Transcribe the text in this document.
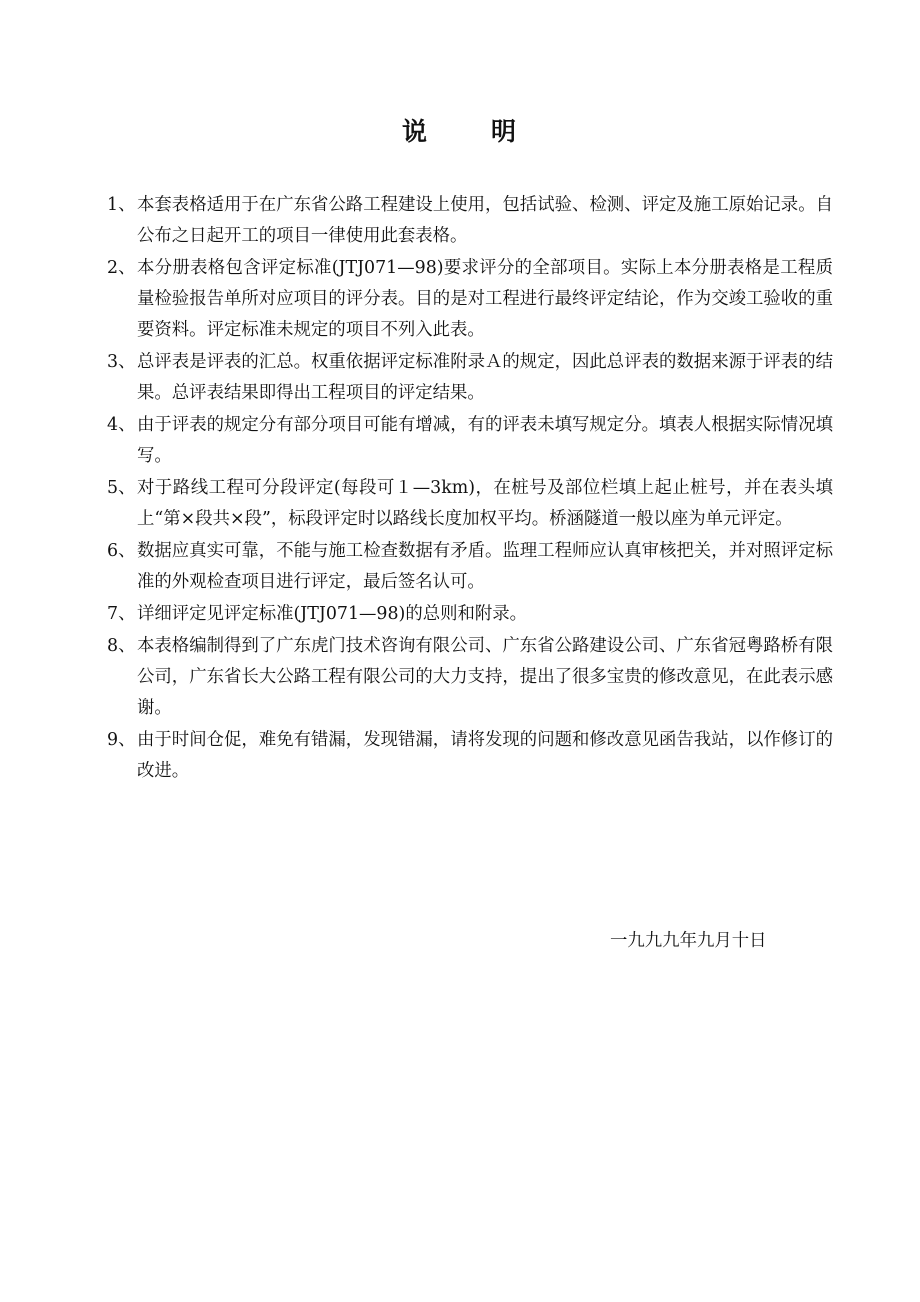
说 明
1、 本套表格适用于在广东省公路工程建设上使用，包括试验、检测、评定及施工原始记录。自公布之日起开工的项目一律使用此套表格。
2、 本分册表格包含评定标准(JTJ071—98)要求评分的全部项目。实际上本分册表格是工程质量检验报告单所对应项目的评分表。目的是对工程进行最终评定结论，作为交竣工验收的重要资料。评定标准未规定的项目不列入此表。
3、 总评表是评表的汇总。权重依据评定标准附录Ａ的规定，因此总评表的数据来源于评表的结果。总评表结果即得出工程项目的评定结果。
4、 由于评表的规定分有部分项目可能有增减，有的评表未填写规定分。填表人根据实际情况填写。
5、 对于路线工程可分段评定(每段可１—3km)，在桩号及部位栏填上起止桩号，并在表头填上“第×段共×段”，标段评定时以路线长度加权平均。桥涵隧道一般以座为单元评定。
6、 数据应真实可靠，不能与施工检查数据有矛盾。监理工程师应认真审核把关，并对照评定标准的外观检查项目进行评定，最后签名认可。
7、 详细评定见评定标准(JTJ071—98)的总则和附录。
8、 本表格编制得到了广东虎门技术咨询有限公司、广东省公路建设公司、广东省冠粤路桥有限公司，广东省长大公路工程有限公司的大力支持，提出了很多宝贵的修改意见，在此表示感谢。
9、 由于时间仓促，难免有错漏，发现错漏，请将发现的问题和修改意见函告我站，以作修订的改进。
一九九九年九月十日
